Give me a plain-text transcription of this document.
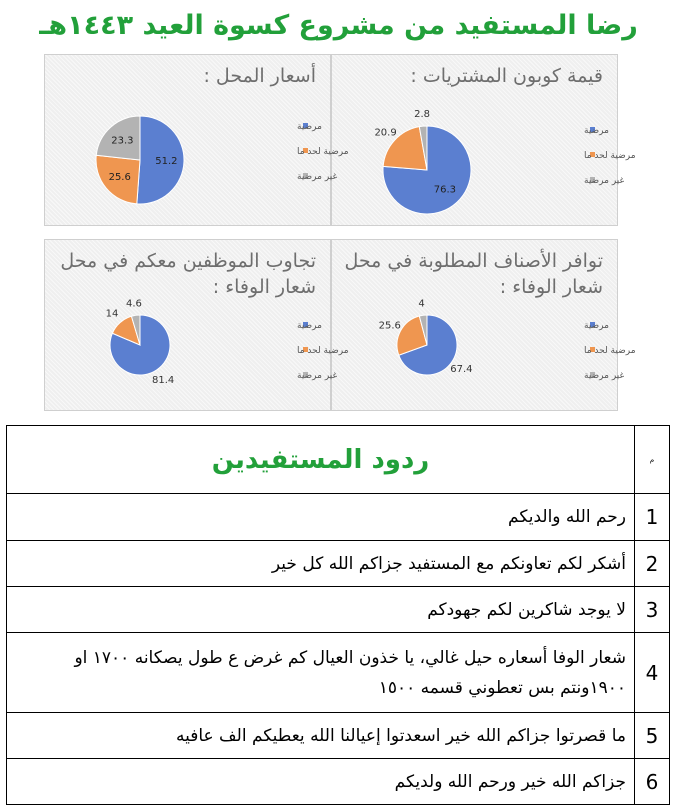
رضا المستفيد من مشروع كسوة العيد ١٤٤٣هـ
قيمة كوبون المشتريات :
76.3
20.9
2.8
مرضية
مرضية لحد ما
غير مرضية
أسعار المحل :
51.2
25.6
23.3
مرضية
مرضية لحد ما
غير مرضية
توافر الأصناف المطلوبة في محل شعار الوفاء :
67.4
25.6
4
مرضية
مرضية لحد ما
غير مرضية
تجاوب الموظفين معكم في محل شعار الوفاء :
81.4
14
4.6
مرضية
مرضية لحد ما
غير مرضية
ردود المستفيدين	م
رحم الله والديكم	1
أشكر لكم تعاونكم مع المستفيد جزاكم الله كل خير	2
لا يوجد شاكرين لكم جهودكم	3
شعار الوفا أسعاره حيل غالي، يا خذون العيال كم غرض ع طول يصكانه ١٧٠٠ او ١٩٠٠ونتم بس تعطوني قسمه ١٥٠٠	4
ما قصرتوا جزاكم الله خير اسعدتوا إعيالنا الله يعطيكم الف عافيه	5
جزاكم الله خير ورحم الله ولديكم	6
